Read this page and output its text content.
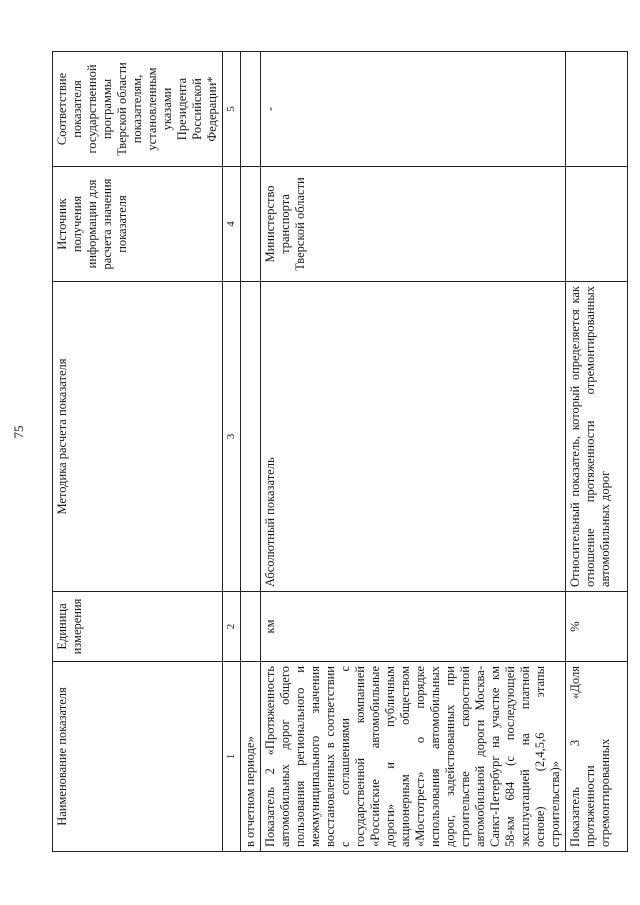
75
Наименование показателя	Единица измерения	Методика расчета показателя	Источник получения информации для расчета значения показателя	Соответствие показателя государственной программы Тверской области показателям, установленным указами Президента Российской Федерации*
1	2	3	4	5
в отчетном периоде»				
Показатель 2 «Протяженность автомобильных дорог общего пользования регионального и межмуниципального значения восстановленных в соответствии с соглашениями с государственной компанией «Российские автомобильные дороги» и публичным акционерным обществом «Мостотрест» о порядке использования автомобильных дорог, задействованных при строительстве скоростной автомобильной дороги Москва-Санкт-Петербург на участке км 58-км 684 (с последующей эксплуатацией на платной основе) (2,4,5,6 этапы строительства)»	км	Абсолютный показатель	Министерство транспорта Тверской области	-
Показатель 3 «Доля протяженности отремонтированных	%	Относительный показатель, который определяется как отношение протяженности отремонтированных автомобильных дорог		
